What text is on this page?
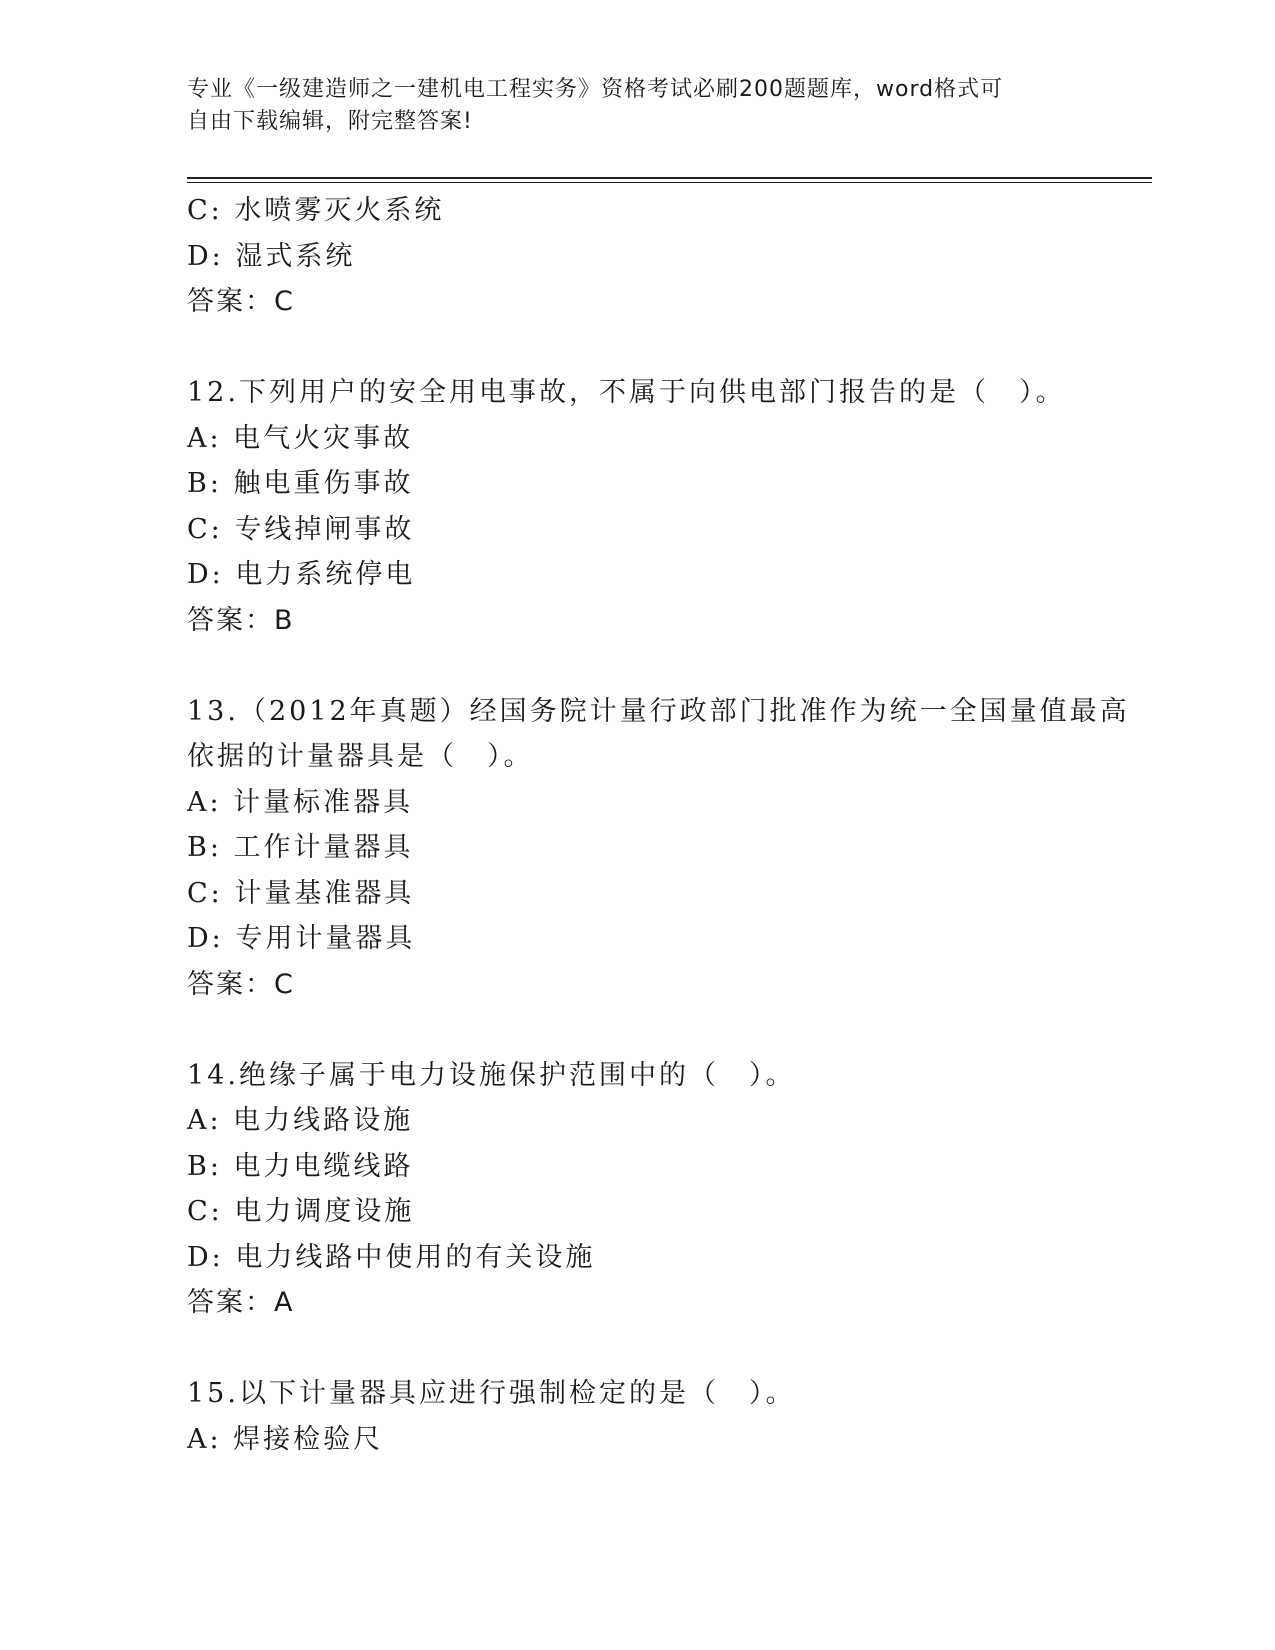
专业《一级建造师之一建机电工程实务》资格考试必刷200题题库，word格式可
自由下载编辑，附完整答案!
C: 水喷雾灭火系统
D: 湿式系统
答案：C
12.下列用户的安全用电事故，不属于向供电部门报告的是（　）。
A: 电气火灾事故
B: 触电重伤事故
C: 专线掉闸事故
D: 电力系统停电
答案：B
13.（2012年真题）经国务院计量行政部门批准作为统一全国量值最高
依据的计量器具是（　）。
A: 计量标准器具
B: 工作计量器具
C: 计量基准器具
D: 专用计量器具
答案：C
14.绝缘子属于电力设施保护范围中的（　）。
A: 电力线路设施
B: 电力电缆线路
C: 电力调度设施
D: 电力线路中使用的有关设施
答案：A
15.以下计量器具应进行强制检定的是（　）。
A: 焊接检验尺
